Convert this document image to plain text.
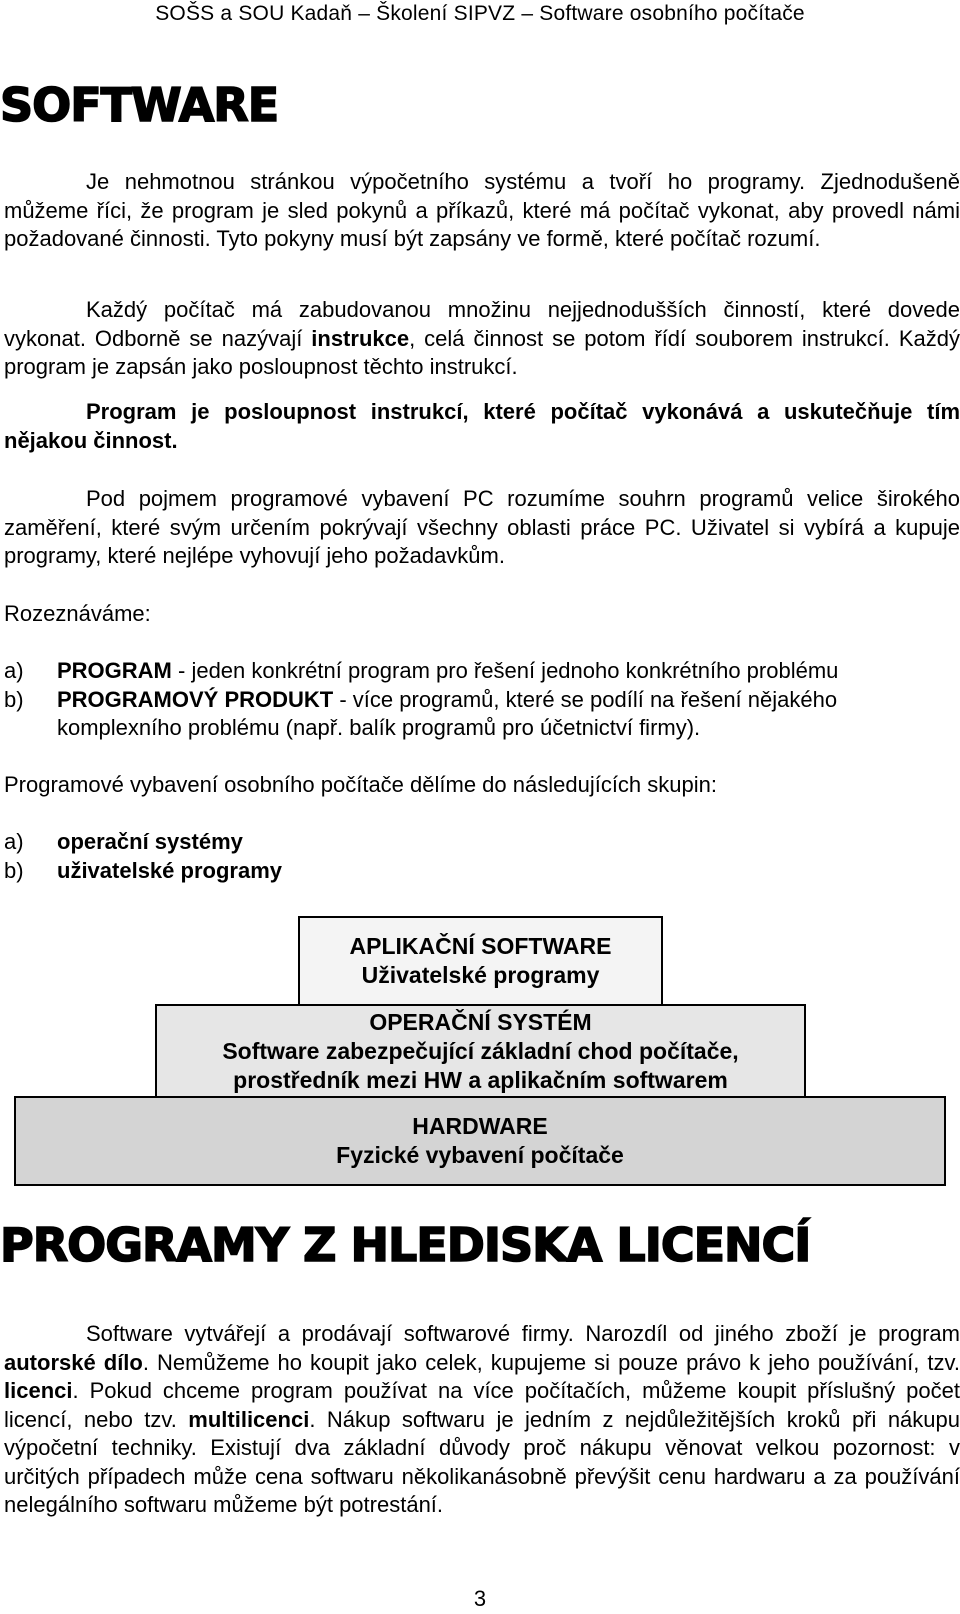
SOŠS a SOU Kadaň – Školení SIPVZ – Software osobního počítače
SOFTWARE

Je nehmotnou stránkou výpočetního systému a tvoří ho programy. Zjednodušeně můžeme říci, že program je sled pokynů a příkazů, které má počítač vykonat, aby provedl námi požadované činnosti. Tyto pokyny musí být zapsány ve formě, které počítač rozumí.

Každý počítač má zabudovanou množinu nejjednodušších činností, které dovede vykonat. Odborně se nazývají instrukce, celá činnost se potom řídí souborem instrukcí. Každý program je zapsán jako posloupnost těchto instrukcí.

Program je posloupnost instrukcí, které počítač vykonává a uskutečňuje tím nějakou činnost.

Pod pojmem programové vybavení PC rozumíme souhrn programů velice širokého zaměření, které svým určením pokrývají všechny oblasti práce PC. Uživatel si vybírá a kupuje programy, které nejlépe vyhovují jeho požadavkům.

Rozeznáváme:

a)	PROGRAM - jeden konkrétní program pro řešení jednoho konkrétního problému
b)	PROGRAMOVÝ PRODUKT - více programů, které se podílí na řešení nějakého komplexního problému (např. balík programů pro účetnictví firmy).

Programové vybavení osobního počítače dělíme do následujících skupin:

a)	operační systémy
b)	uživatelské programy
APLIKAČNÍ SOFTWARE
Uživatelské programy
OPERAČNÍ SYSTÉM
Software zabezpečující základní chod počítače,
prostředník mezi HW a aplikačním softwarem
HARDWARE
Fyzické vybavení počítače
PROGRAMY Z HLEDISKA LICENCÍ

Software vytvářejí a prodávají softwarové firmy. Narozdíl od jiného zboží je program autorské dílo. Nemůžeme ho koupit jako celek, kupujeme si pouze právo k jeho používání, tzv. licenci. Pokud chceme program používat na více počítačích, můžeme koupit příslušný počet licencí, nebo tzv. multilicenci. Nákup softwaru je jedním z nejdůležitějších kroků při nákupu výpočetní techniky. Existují dva základní důvody proč nákupu věnovat velkou pozornost: v určitých případech může cena softwaru několikanásobně převýšit cenu hardwaru a za používání nelegálního softwaru můžeme být potrestání.

3
